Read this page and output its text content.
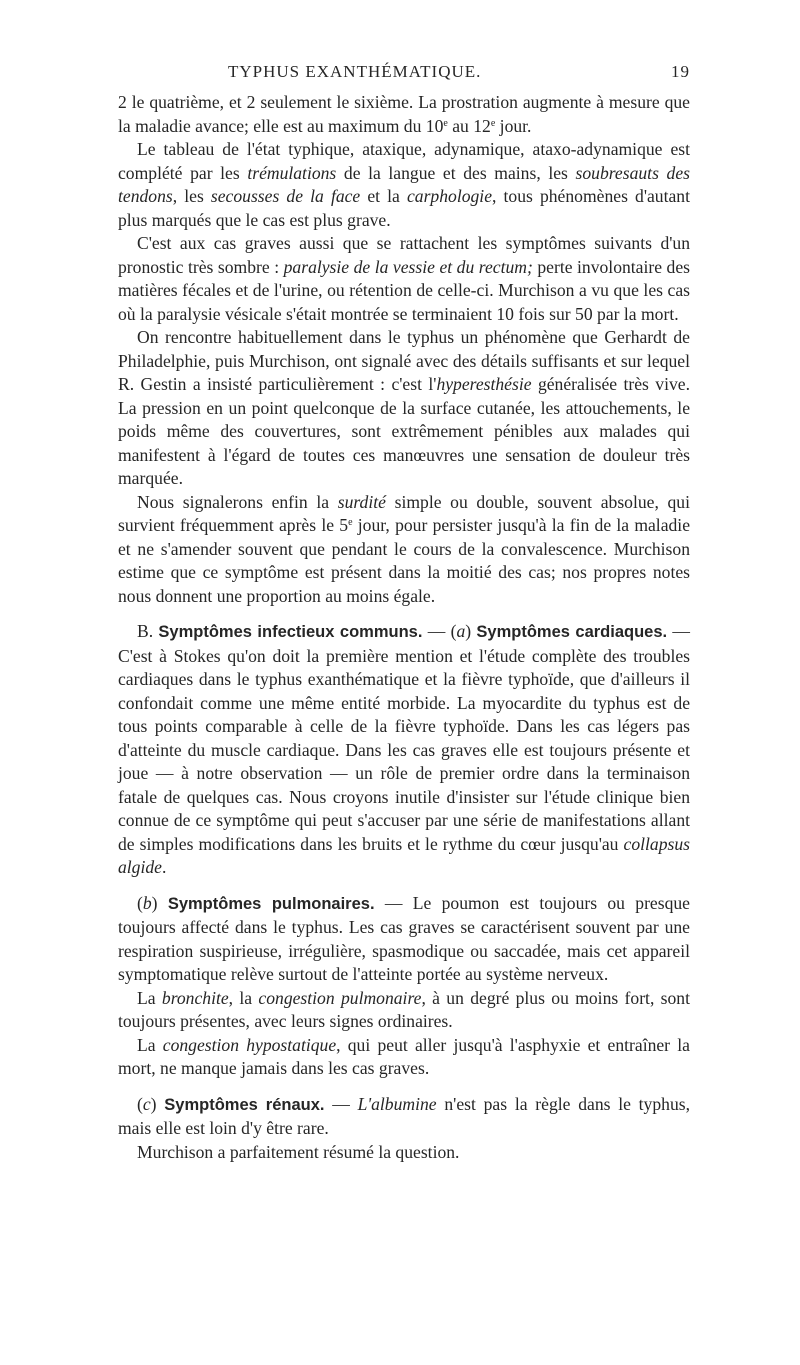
TYPHUS EXANTHÉMATIQUE.	19

2 le quatrième, et 2 seulement le sixième. La prostration augmente à mesure que la maladie avance; elle est au maximum du 10e au 12e jour.

Le tableau de l'état typhique, ataxique, adynamique, ataxo-adynamique est complété par les trémulations de la langue et des mains, les soubresauts des tendons, les secousses de la face et la carphologie, tous phénomènes d'autant plus marqués que le cas est plus grave.

C'est aux cas graves aussi que se rattachent les symptômes suivants d'un pronostic très sombre : paralysie de la vessie et du rectum; perte involontaire des matières fécales et de l'urine, ou rétention de celle-ci. Murchison a vu que les cas où la paralysie vésicale s'était montrée se terminaient 10 fois sur 50 par la mort.

On rencontre habituellement dans le typhus un phénomène que Gerhardt de Philadelphie, puis Murchison, ont signalé avec des détails suffisants et sur lequel R. Gestin a insisté particulièrement : c'est l'hyperesthésie généralisée très vive. La pression en un point quelconque de la surface cutanée, les attouchements, le poids même des couvertures, sont extrêmement pénibles aux malades qui manifestent à l'égard de toutes ces manœuvres une sensation de douleur très marquée.

Nous signalerons enfin la surdité simple ou double, souvent absolue, qui survient fréquemment après le 5e jour, pour persister jusqu'à la fin de la maladie et ne s'amender souvent que pendant le cours de la convalescence. Murchison estime que ce symptôme est présent dans la moitié des cas; nos propres notes nous donnent une proportion au moins égale.

B. Symptômes infectieux communs. — (a) Symptômes cardiaques. — C'est à Stokes qu'on doit la première mention et l'étude complète des troubles cardiaques dans le typhus exanthématique et la fièvre typhoïde, que d'ailleurs il confondait comme une même entité morbide. La myocardite du typhus est de tous points comparable à celle de la fièvre typhoïde. Dans les cas légers pas d'atteinte du muscle cardiaque. Dans les cas graves elle est toujours présente et joue — à notre observation — un rôle de premier ordre dans la terminaison fatale de quelques cas. Nous croyons inutile d'insister sur l'étude clinique bien connue de ce symptôme qui peut s'accuser par une série de manifestations allant de simples modifications dans les bruits et le rythme du cœur jusqu'au collapsus algide.

(b) Symptômes pulmonaires. — Le poumon est toujours ou presque toujours affecté dans le typhus. Les cas graves se caractérisent souvent par une respiration suspirieuse, irrégulière, spasmodique ou saccadée, mais cet appareil symptomatique relève surtout de l'atteinte portée au système nerveux.

La bronchite, la congestion pulmonaire, à un degré plus ou moins fort, sont toujours présentes, avec leurs signes ordinaires.

La congestion hypostatique, qui peut aller jusqu'à l'asphyxie et entraîner la mort, ne manque jamais dans les cas graves.

(c) Symptômes rénaux. — L'albumine n'est pas la règle dans le typhus, mais elle est loin d'y être rare.

Murchison a parfaitement résumé la question.
